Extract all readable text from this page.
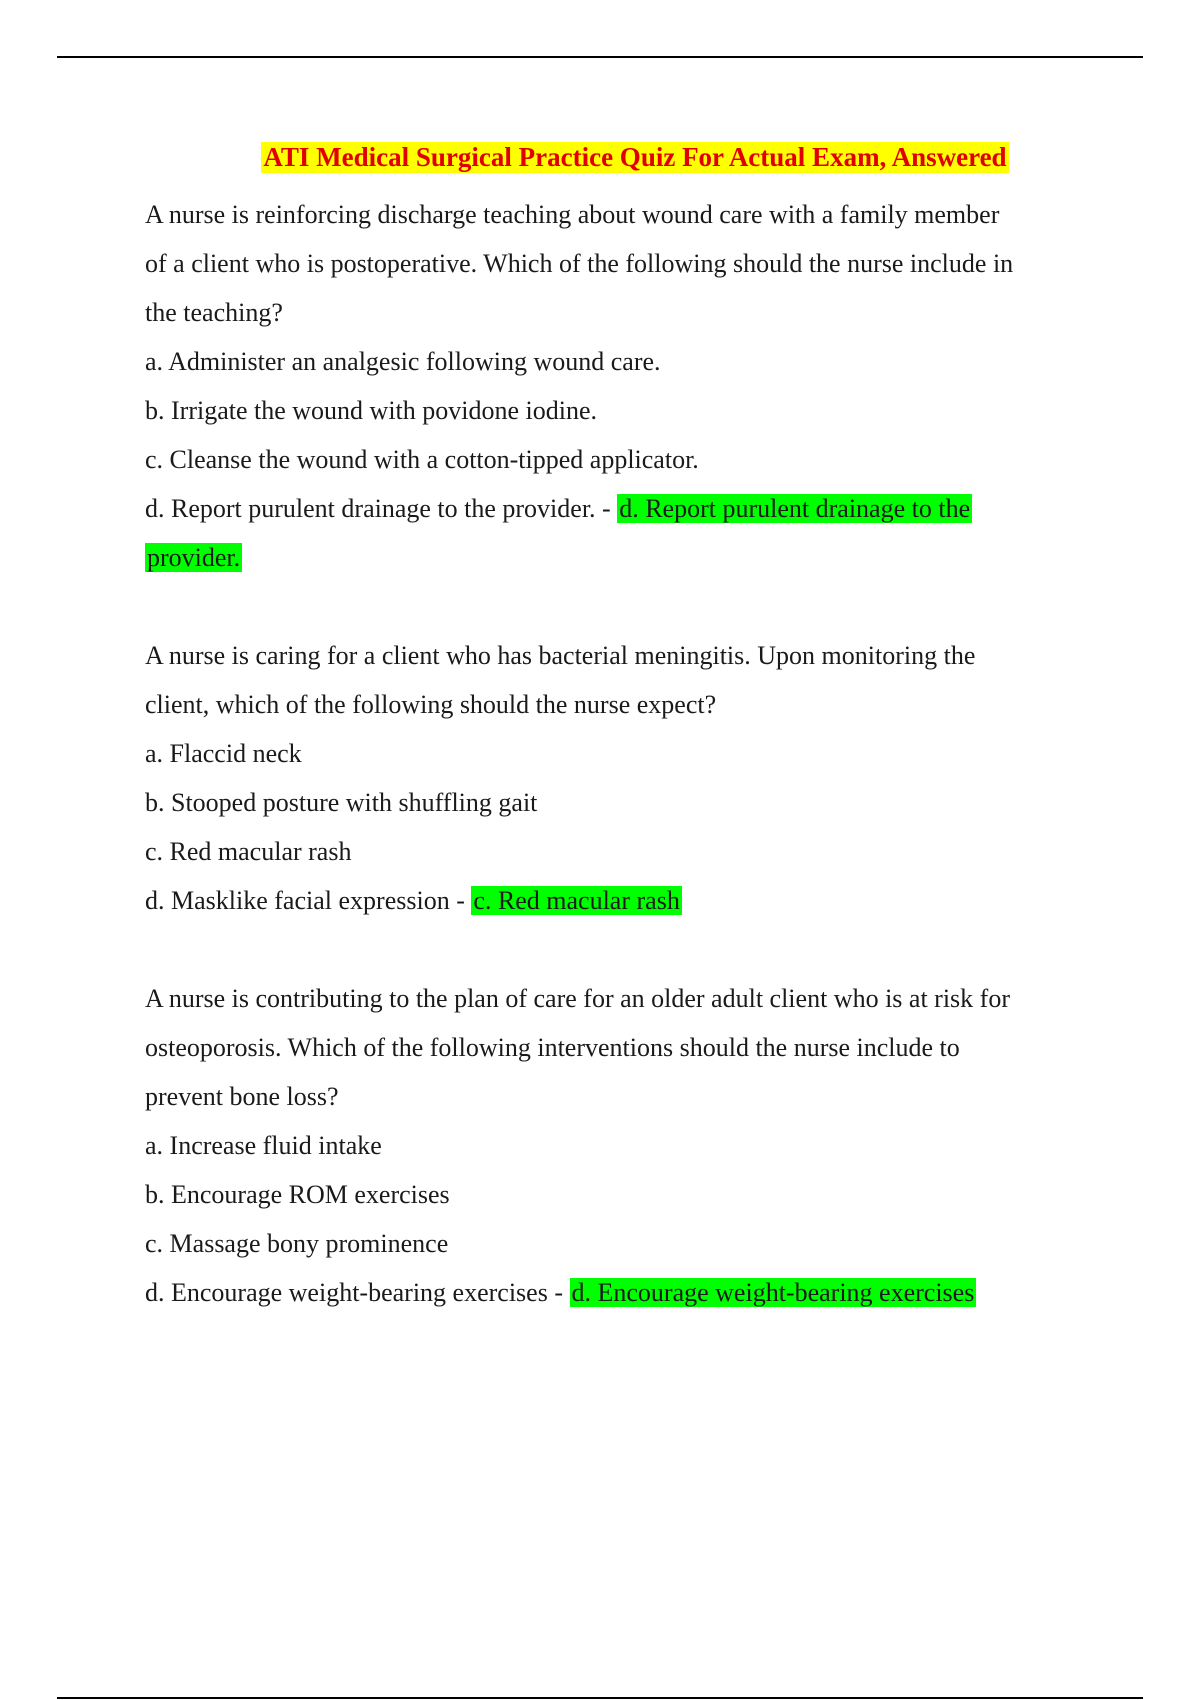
ATI Medical Surgical Practice Quiz For Actual Exam, Answered
A nurse is reinforcing discharge teaching about wound care with a family member
of a client who is postoperative. Which of the following should the nurse include in
the teaching?
a. Administer an analgesic following wound care.
b. Irrigate the wound with povidone iodine.
c. Cleanse the wound with a cotton-tipped applicator.
d. Report purulent drainage to the provider. - d. Report purulent drainage to the
provider.
A nurse is caring for a client who has bacterial meningitis. Upon monitoring the
client, which of the following should the nurse expect?
a. Flaccid neck
b. Stooped posture with shuffling gait
c. Red macular rash
d. Masklike facial expression - c. Red macular rash
A nurse is contributing to the plan of care for an older adult client who is at risk for
osteoporosis. Which of the following interventions should the nurse include to
prevent bone loss?
a. Increase fluid intake
b. Encourage ROM exercises
c. Massage bony prominence
d. Encourage weight-bearing exercises - d. Encourage weight-bearing exercises
